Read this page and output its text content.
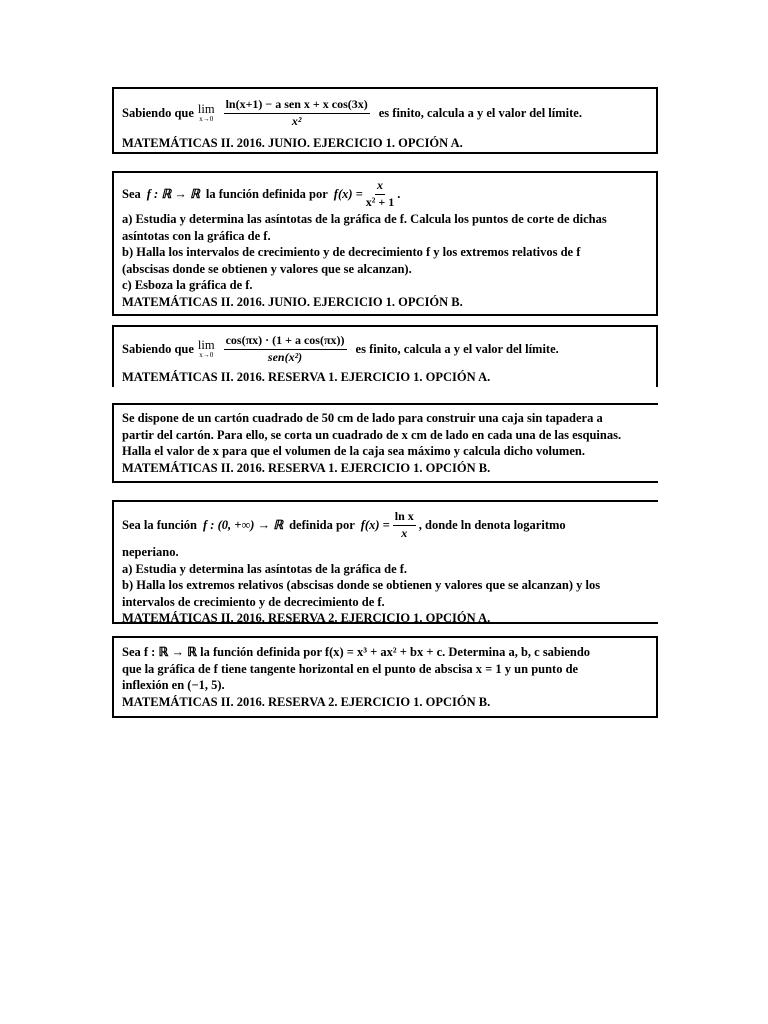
Sabiendo que lim
$x\to 0 \frac{\text{ln(x+1) − a sen x + x cos(3x)}}{\text{x²}}$ es finito, calcula a y el valor del límite.
MATEMÁTICAS II. 2016. JUNIO. EJERCICIO 1. OPCIÓN A.
Sea f : ℝ → ℝ la función definida por $f(x) = \frac{x}{\text{x² + 1}}$ .
a) Estudia y determina las asíntotas de la gráfica de f. Calcula los puntos de corte de dichas
asíntotas con la gráfica de f.
b) Halla los intervalos de crecimiento y de decrecimiento f y los extremos relativos de f
(abscisas donde se obtienen y valores que se alcanzan).
c) Esboza la gráfica de f.
MATEMÁTICAS II. 2016. JUNIO. EJERCICIO 1. OPCIÓN B.
Sabiendo que lim
$x\to 0 \frac{\text{cos(πx) · (1 + a cos(πx))}}{\text{sen(x²)}}$ es finito, calcula a y el valor del límite.
MATEMÁTICAS II. 2016. RESERVA 1. EJERCICIO 1. OPCIÓN A.
Se dispone de un cartón cuadrado de 50 cm de lado para construir una caja sin tapadera a
partir del cartón. Para ello, se corta un cuadrado de x cm de lado en cada una de las esquinas.
Halla el valor de x para que el volumen de la caja sea máximo y calcula dicho volumen.
MATEMÁTICAS II. 2016. RESERVA 1. EJERCICIO 1. OPCIÓN B.
Sea la función f : (0, +∞) → ℝ definida por $f(x) = \frac{\text{ln x}}{x}$ , donde ln denota logaritmo
neperiano.
a) Estudia y determina las asíntotas de la gráfica de f.
b) Halla los extremos relativos (abscisas donde se obtienen y valores que se alcanzan) y los
intervalos de crecimiento y de decrecimiento de f.
MATEMÁTICAS II. 2016. RESERVA 2. EJERCICIO 1. OPCIÓN A.
Sea f : ℝ → ℝ la función definida por f(x) = x³ + ax² + bx + c. Determina a, b, c sabiendo
que la gráfica de f tiene tangente horizontal en el punto de abscisa x = 1 y un punto de
inflexión en (−1, 5).
MATEMÁTICAS II. 2016. RESERVA 2. EJERCICIO 1. OPCIÓN B.
